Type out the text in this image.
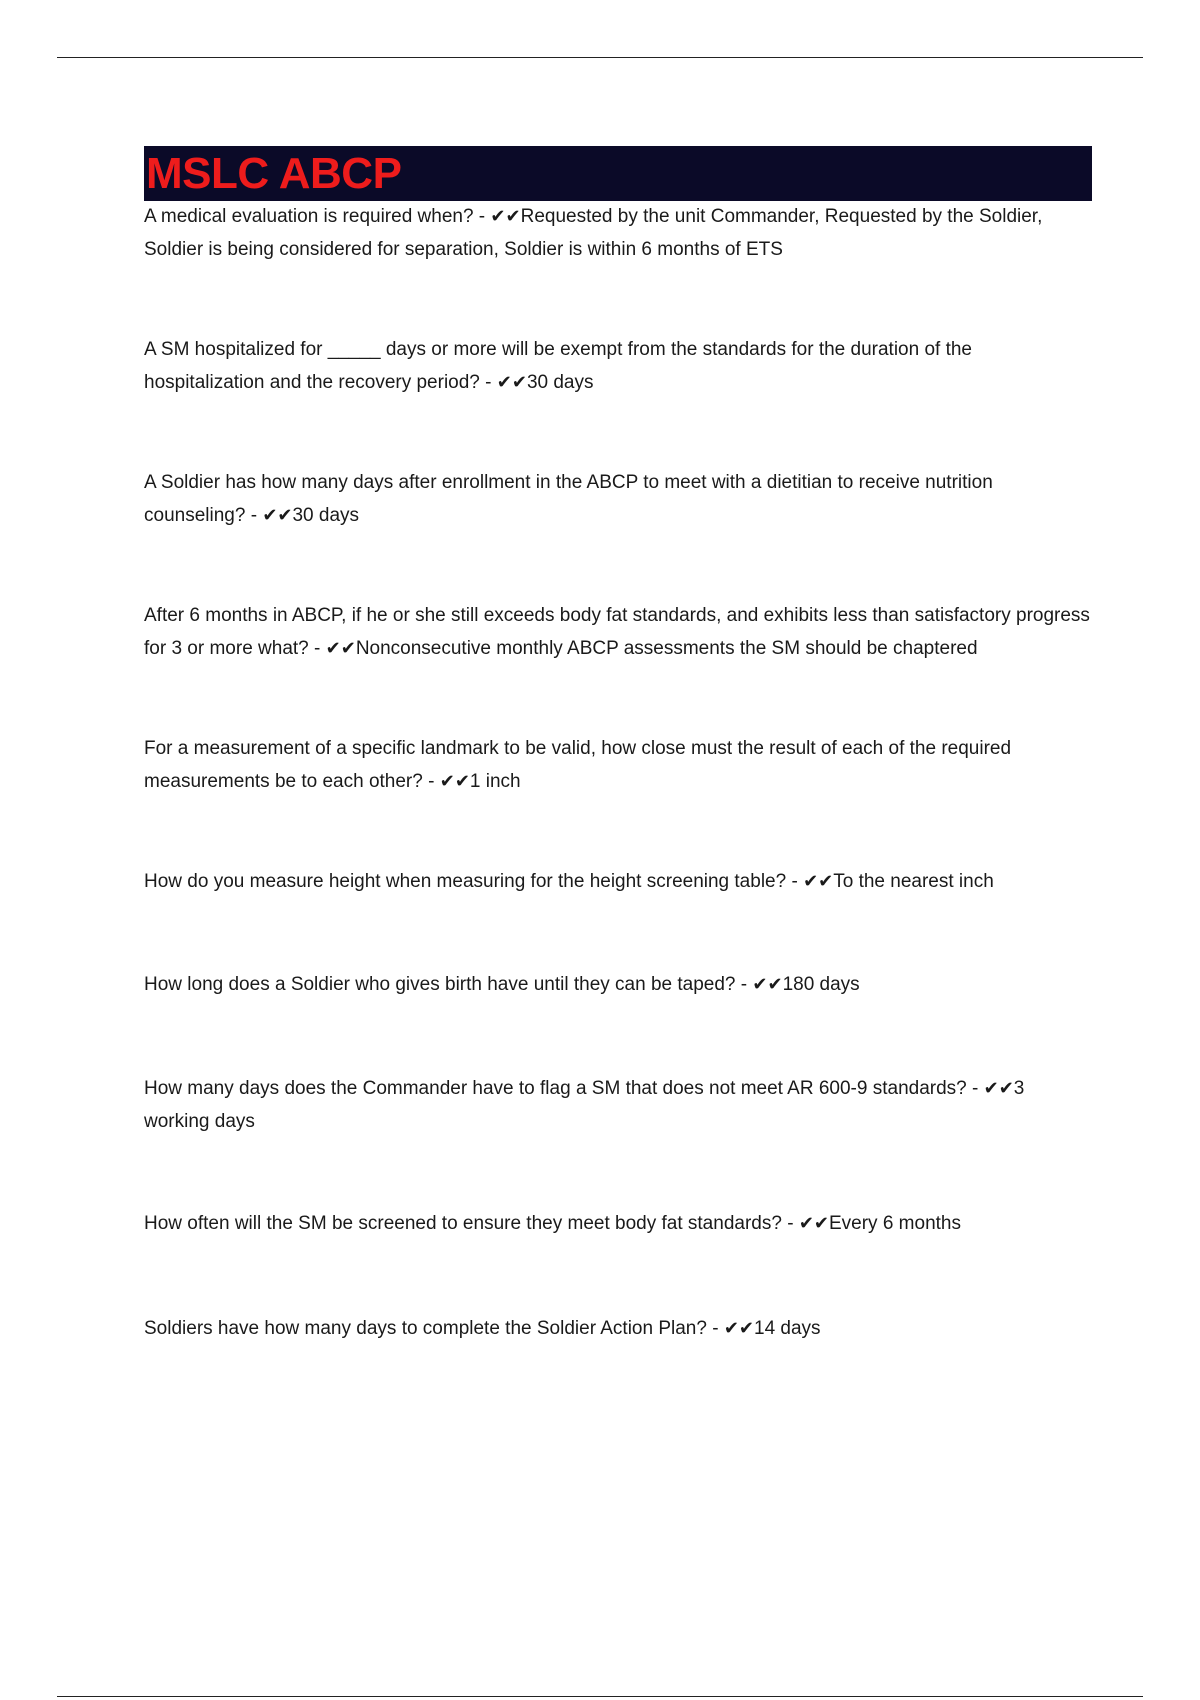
MSLC ABCP

A medical evaluation is required when? - ✔✔Requested by the unit Commander, Requested by the Soldier, Soldier is being considered for separation, Soldier is within 6 months of ETS

A SM hospitalized for _____ days or more will be exempt from the standards for the duration of the hospitalization and the recovery period? - ✔✔30 days

A Soldier has how many days after enrollment in the ABCP to meet with a dietitian to receive nutrition counseling? - ✔✔30 days

After 6 months in ABCP, if he or she still exceeds body fat standards, and exhibits less than satisfactory progress for 3 or more what? - ✔✔Nonconsecutive monthly ABCP assessments the SM should be chaptered

For a measurement of a specific landmark to be valid, how close must the result of each of the required measurements be to each other? - ✔✔1 inch

How do you measure height when measuring for the height screening table? - ✔✔To the nearest inch

How long does a Soldier who gives birth have until they can be taped? - ✔✔180 days

How many days does the Commander have to flag a SM that does not meet AR 600-9 standards? - ✔✔3 working days

How often will the SM be screened to ensure they meet body fat standards? - ✔✔Every 6 months

Soldiers have how many days to complete the Soldier Action Plan? - ✔✔14 days
